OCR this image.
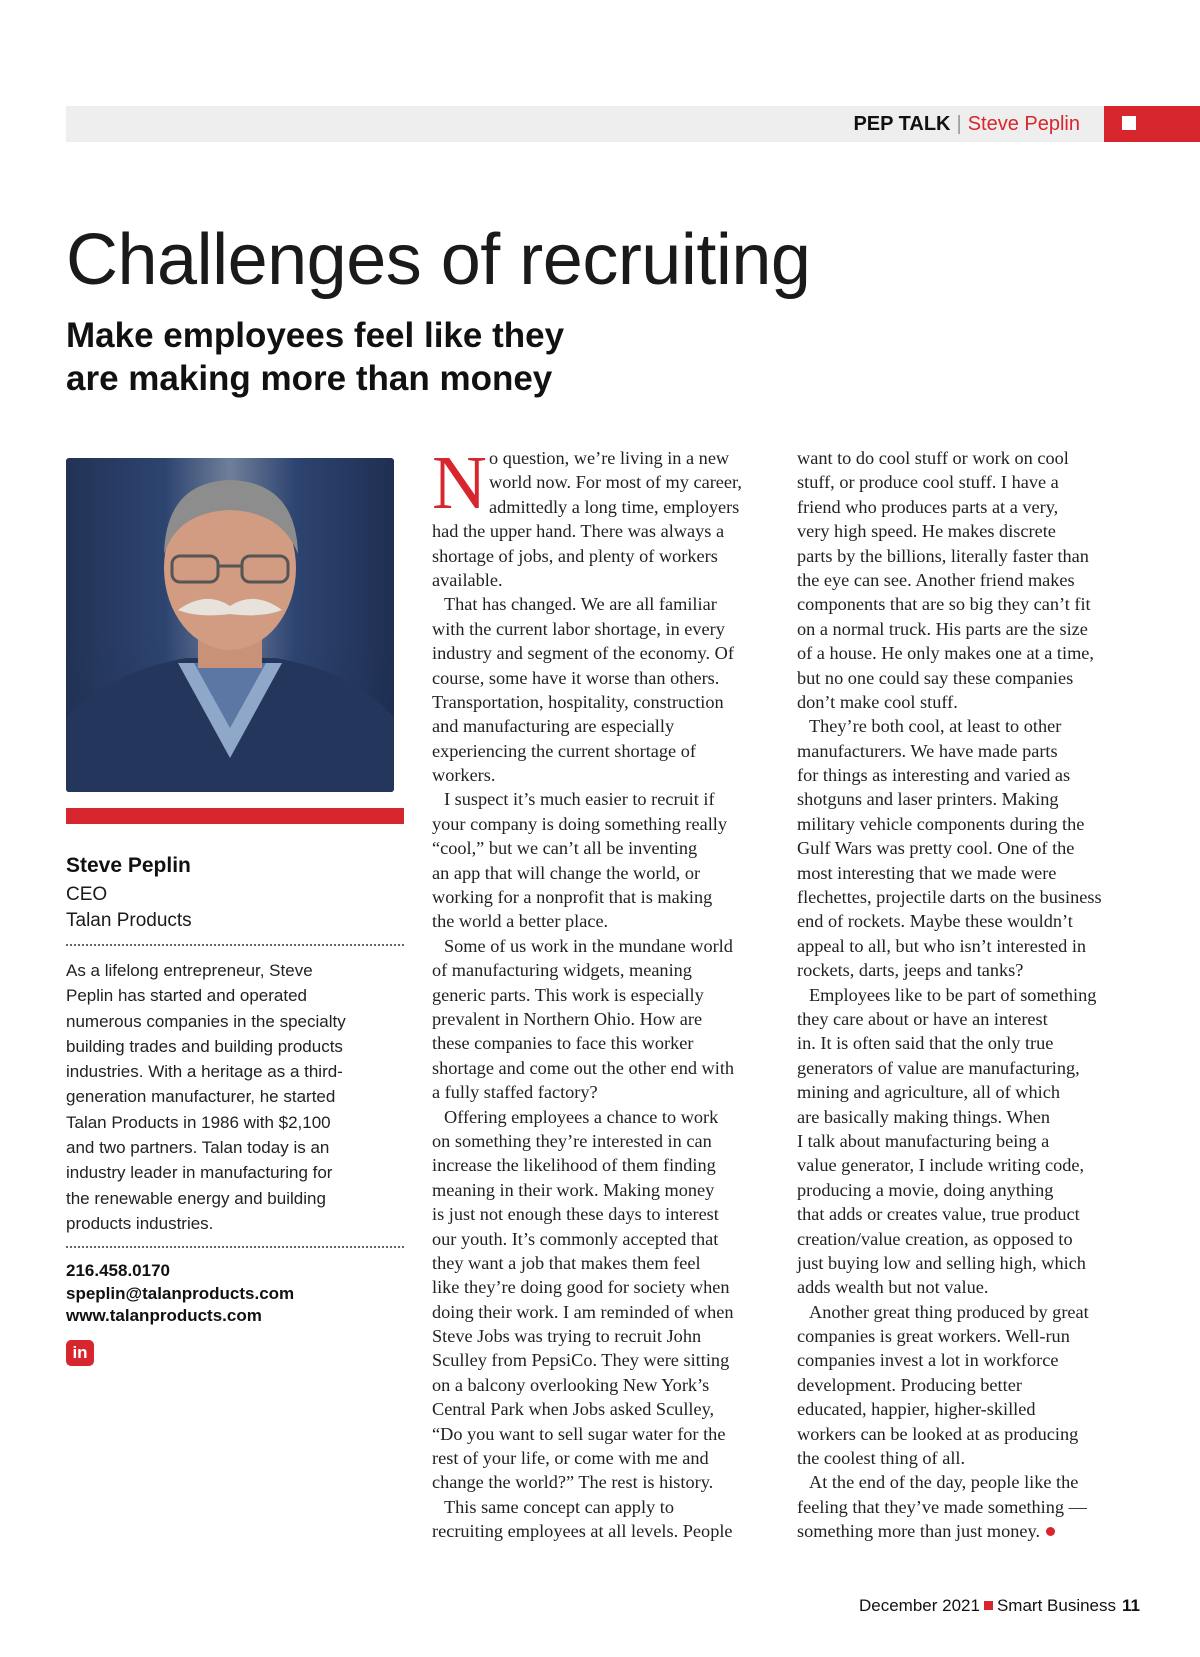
PEP TALK | Steve Peplin
Challenges of recruiting
Make employees feel like they
are making more than money
Steve Peplin
CEO
Talan Products
As a lifelong entrepreneur, Steve
Peplin has started and operated
numerous companies in the specialty
building trades and building products
industries. With a heritage as a third-
generation manufacturer, he started
Talan Products in 1986 with $2,100
and two partners. Talan today is an
industry leader in manufacturing for
the renewable energy and building
products industries.
216.458.0170
speplin@talanproducts.com
www.talanproducts.com
in
N o question, we’re living in a new
world now. For most of my career,
admittedly a long time, employers
had the upper hand. There was always a
shortage of jobs, and plenty of workers
available.
That has changed. We are all familiar
with the current labor shortage, in every
industry and segment of the economy. Of
course, some have it worse than others.
Transportation, hospitality, construction
and manufacturing are especially
experiencing the current shortage of
workers.
I suspect it’s much easier to recruit if
your company is doing something really
“cool,” but we can’t all be inventing
an app that will change the world, or
working for a nonprofit that is making
the world a better place.
Some of us work in the mundane world
of manufacturing widgets, meaning
generic parts. This work is especially
prevalent in Northern Ohio. How are
these companies to face this worker
shortage and come out the other end with
a fully staffed factory?
Offering employees a chance to work
on something they’re interested in can
increase the likelihood of them finding
meaning in their work. Making money
is just not enough these days to interest
our youth. It’s commonly accepted that
they want a job that makes them feel
like they’re doing good for society when
doing their work. I am reminded of when
Steve Jobs was trying to recruit John
Sculley from PepsiCo. They were sitting
on a balcony overlooking New York’s
Central Park when Jobs asked Sculley,
“Do you want to sell sugar water for the
rest of your life, or come with me and
change the world?” The rest is history.
This same concept can apply to
recruiting employees at all levels. People
want to do cool stuff or work on cool
stuff, or produce cool stuff. I have a
friend who produces parts at a very,
very high speed. He makes discrete
parts by the billions, literally faster than
the eye can see. Another friend makes
components that are so big they can’t fit
on a normal truck. His parts are the size
of a house. He only makes one at a time,
but no one could say these companies
don’t make cool stuff.
They’re both cool, at least to other
manufacturers. We have made parts
for things as interesting and varied as
shotguns and laser printers. Making
military vehicle components during the
Gulf Wars was pretty cool. One of the
most interesting that we made were
flechettes, projectile darts on the business
end of rockets. Maybe these wouldn’t
appeal to all, but who isn’t interested in
rockets, darts, jeeps and tanks?
Employees like to be part of something
they care about or have an interest
in. It is often said that the only true
generators of value are manufacturing,
mining and agriculture, all of which
are basically making things. When
I talk about manufacturing being a
value generator, I include writing code,
producing a movie, doing anything
that adds or creates value, true product
creation/value creation, as opposed to
just buying low and selling high, which
adds wealth but not value.
Another great thing produced by great
companies is great workers. Well-run
companies invest a lot in workforce
development. Producing better
educated, happier, higher-skilled
workers can be looked at as producing
the coolest thing of all.
At the end of the day, people like the
feeling that they’ve made something —
something more than just money.
December 2021 Smart Business 11
